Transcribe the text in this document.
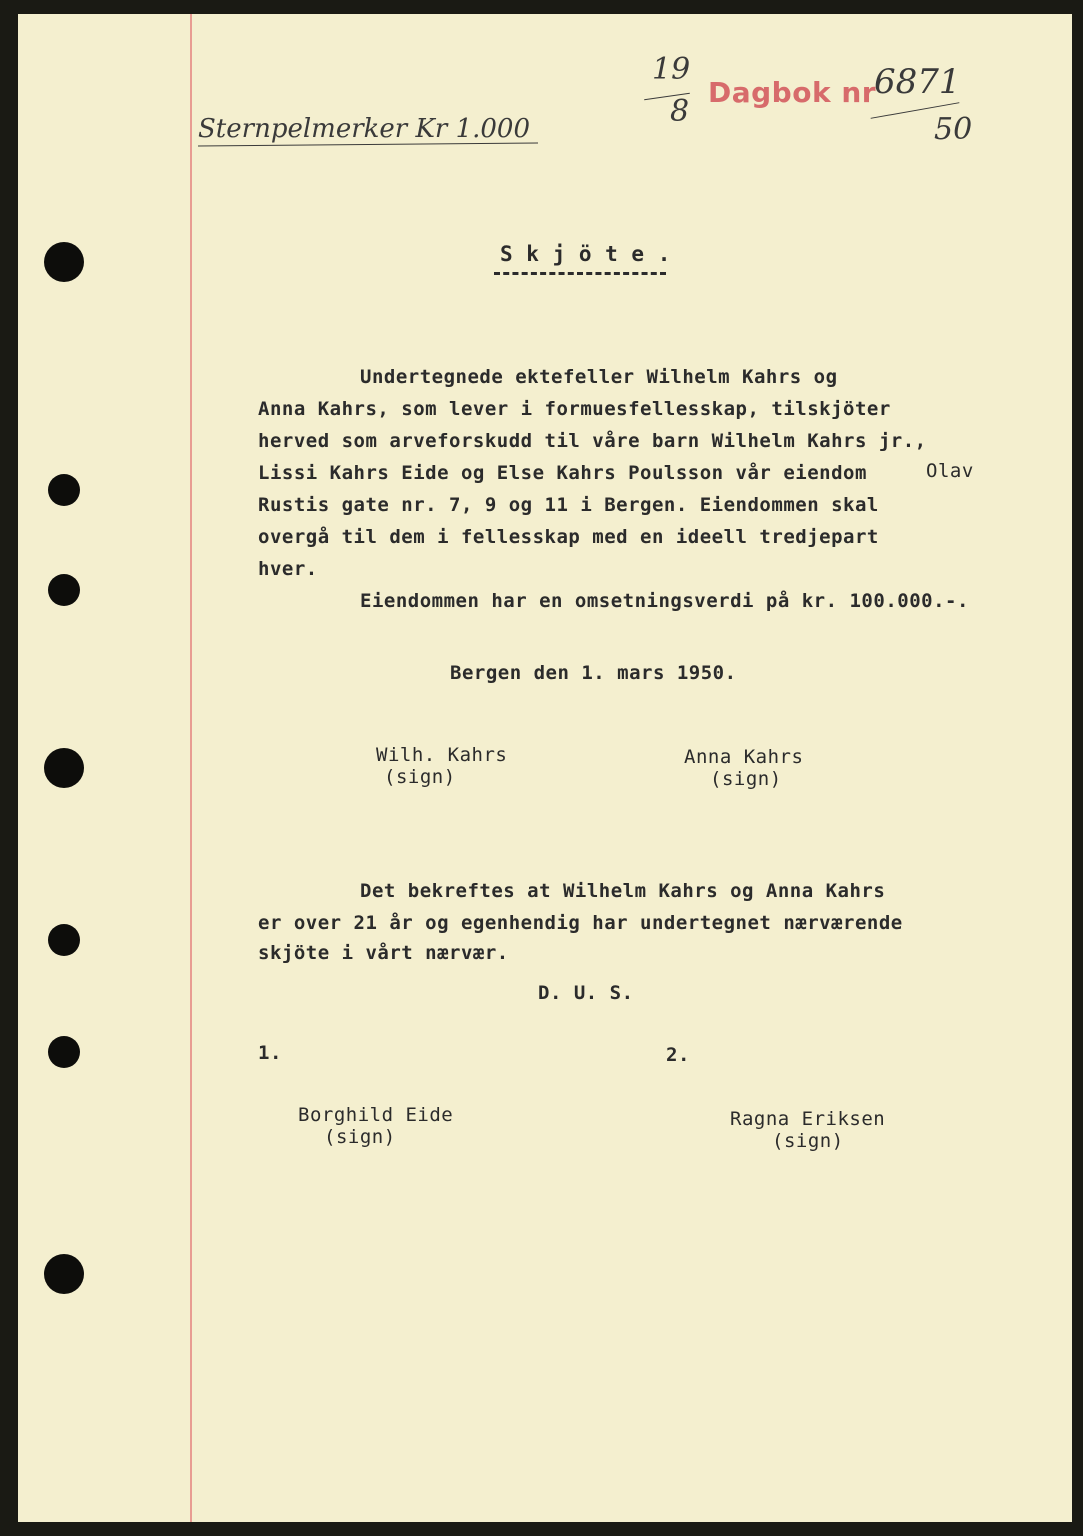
Sternpelmerker Kr 1.000
19
8
Dagbok nr
6871
50
S k j ö t e .
Undertegnede ektefeller Wilhelm Kahrs og
Anna Kahrs, som lever i formuesfellesskap, tilskjöter
herved som arveforskudd til våre barn Wilhelm Kahrs jr.,
Lissi Kahrs Eide og Else Kahrs Poulsson vår eiendom	Olav
Rustis gate nr. 7, 9 og 11 i Bergen. Eiendommen skal
overgå til dem i fellesskap med en ideell tredjepart
hver.
Eiendommen har en omsetningsverdi på kr. 100.000.-.
Bergen den 1. mars 1950.
Wilh. Kahrs
(sign)
Anna Kahrs
(sign)
Det bekreftes at Wilhelm Kahrs og Anna Kahrs
er over 21 år og egenhendig har undertegnet nærværende
skjöte i vårt nærvær.
D. U. S.
1.	2.
Borghild Eide
(sign)
Ragna Eriksen
(sign)
